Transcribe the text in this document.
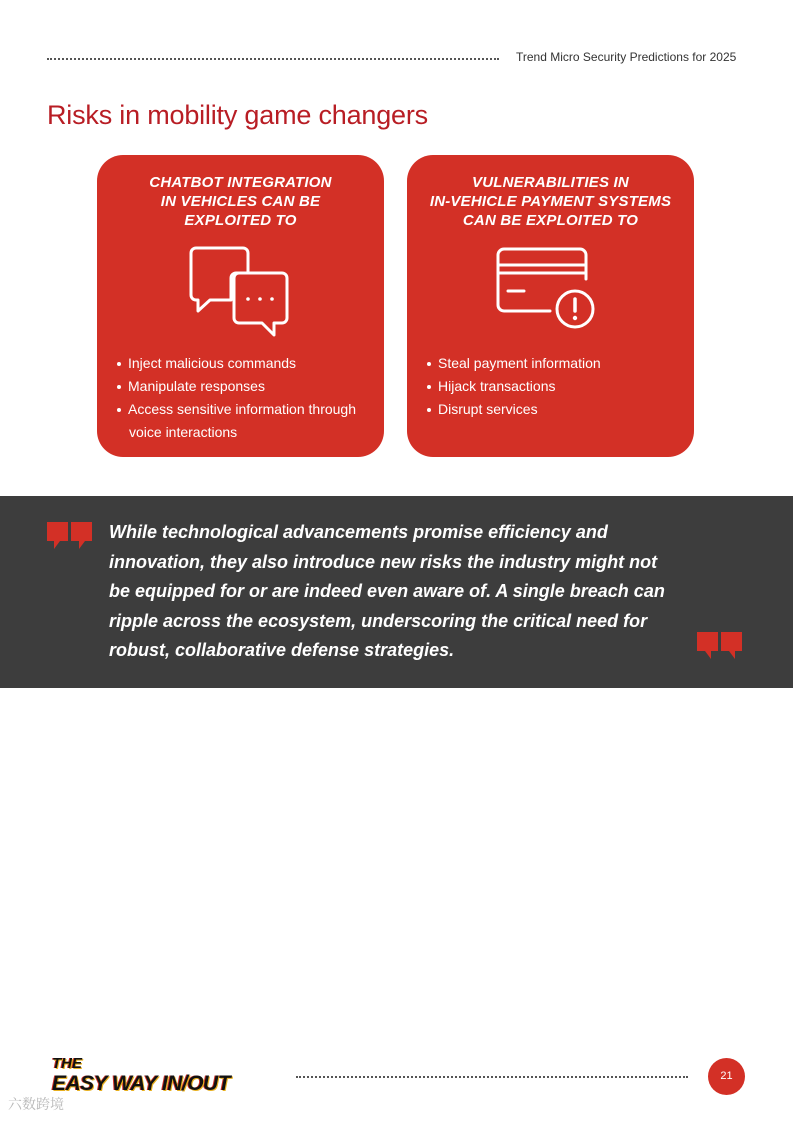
Trend Micro Security Predictions for 2025
Risks in mobility game changers
CHATBOT INTEGRATION
IN VEHICLES CAN BE
EXPLOITED TO
Inject malicious commands
Manipulate responses
Access sensitive information through
voice interactions
VULNERABILITIES IN
IN-VEHICLE PAYMENT SYSTEMS
CAN BE EXPLOITED TO
Steal payment information
Hijack transactions
Disrupt services

While technological advancements promise efficiency and
innovation, they also introduce new risks the industry might not
be equipped for or are indeed even aware of. A single breach can
ripple across the ecosystem, underscoring the critical need for
robust, collaborative defense strategies.

THE
EASY WAY IN/OUT	21
六数跨境
